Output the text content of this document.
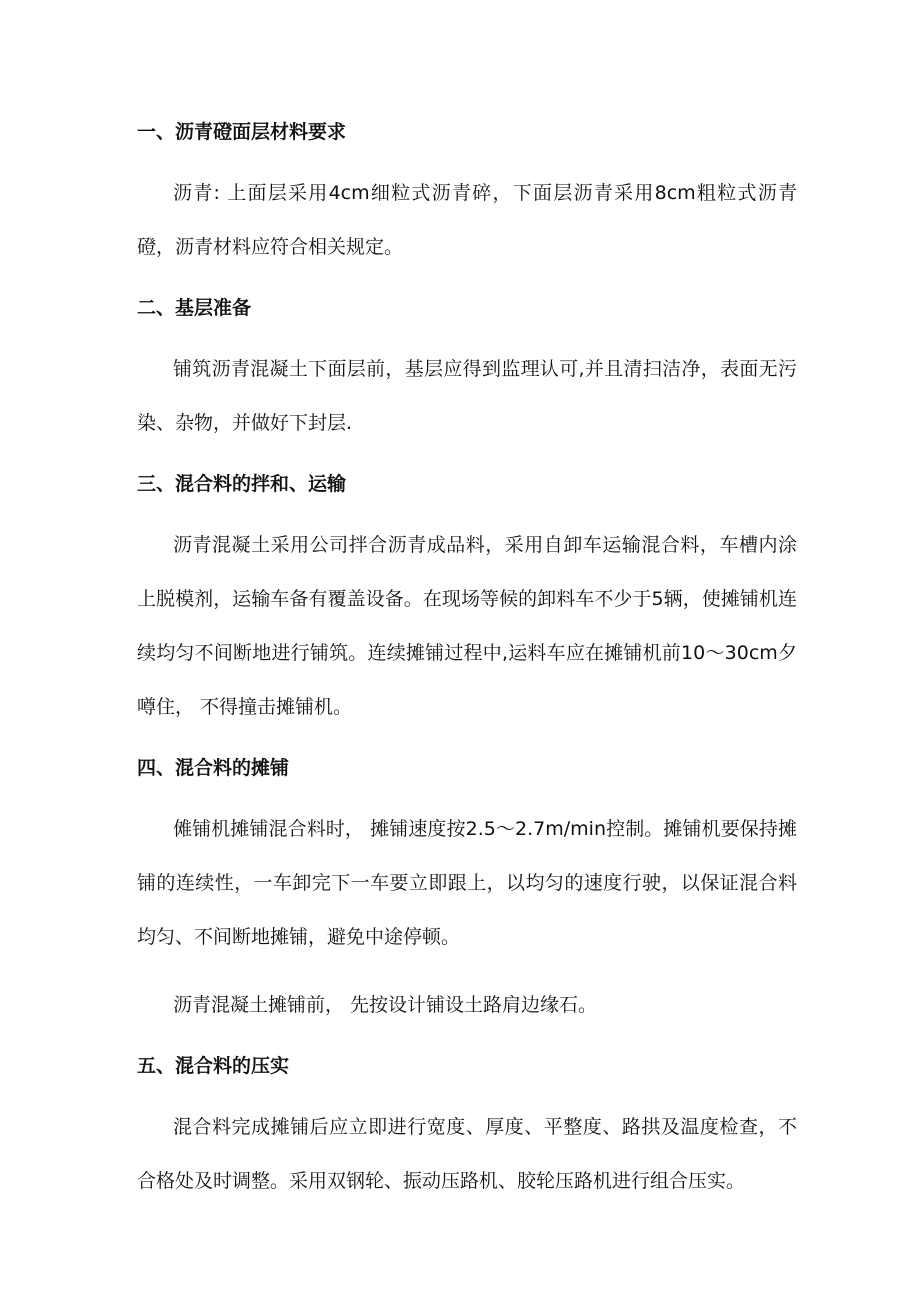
一、沥青磴面层材料要求

沥青: 上面层采用4cm细粒式沥青碎，下面层沥青采用8cm粗粒式沥青磴，沥青材料应符合相关规定。

二、基层准备

铺筑沥青混凝土下面层前，基层应得到监理认可,并且清扫洁净，表面无污染、杂物，并做好下封层.

三、混合料的拌和、运输

沥青混凝土采用公司拌合沥青成品料，采用自卸车运输混合料，车槽内涂上脱模剂，运输车备有覆盖设备。在现场等候的卸料车不少于5辆，使摊铺机连续均匀不间断地进行铺筑。连续摊铺过程中,运料车应在摊铺机前10～30cm夕噂住， 不得撞击摊铺机。

四、混合料的摊铺

傩铺机摊铺混合料时， 摊铺速度按2.5～2.7m∕min控制。摊铺机要保持摊铺的连续性，一车卸完下一车要立即跟上，以均匀的速度行驶，以保证混合料均匀、不间断地摊铺，避免中途停顿。

沥青混凝土摊铺前， 先按设计铺设土路肩边缘石。

五、混合料的压实

混合料完成摊铺后应立即进行宽度、厚度、平整度、路拱及温度检查，不合格处及时调整。采用双钢轮、振动压路机、胶轮压路机进行组合压实。
